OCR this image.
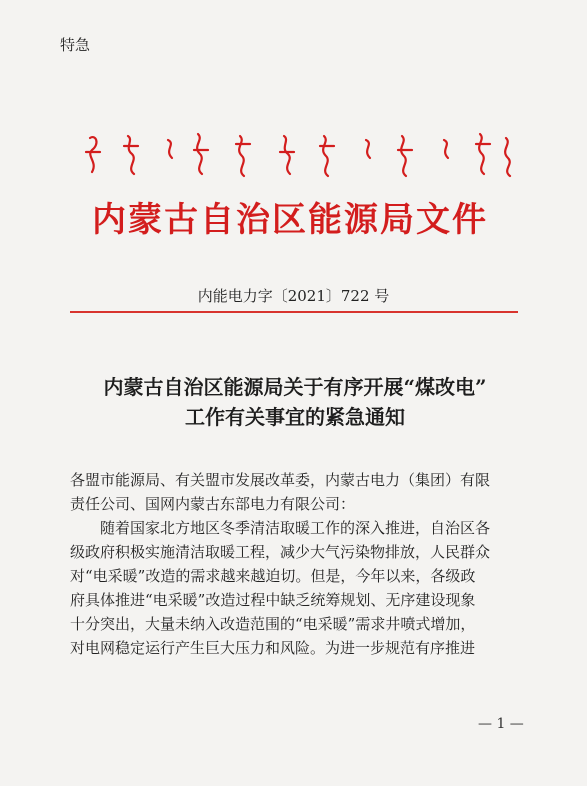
特急
内蒙古自治区能源局文件
内能电力字〔2021〕722 号
内蒙古自治区能源局关于有序开展“煤改电”
工作有关事宜的紧急通知
各盟市能源局、有关盟市发展改革委，内蒙古电力（集团）有限
责任公司、国网内蒙古东部电力有限公司：
随着国家北方地区冬季清洁取暖工作的深入推进，自治区各
级政府积极实施清洁取暖工程，减少大气污染物排放，人民群众
对“电采暖”改造的需求越来越迫切。但是，今年以来，各级政
府具体推进“电采暖”改造过程中缺乏统筹规划、无序建设现象
十分突出，大量未纳入改造范围的“电采暖”需求井喷式增加，
对电网稳定运行产生巨大压力和风险。为进一步规范有序推进
— 1 —
